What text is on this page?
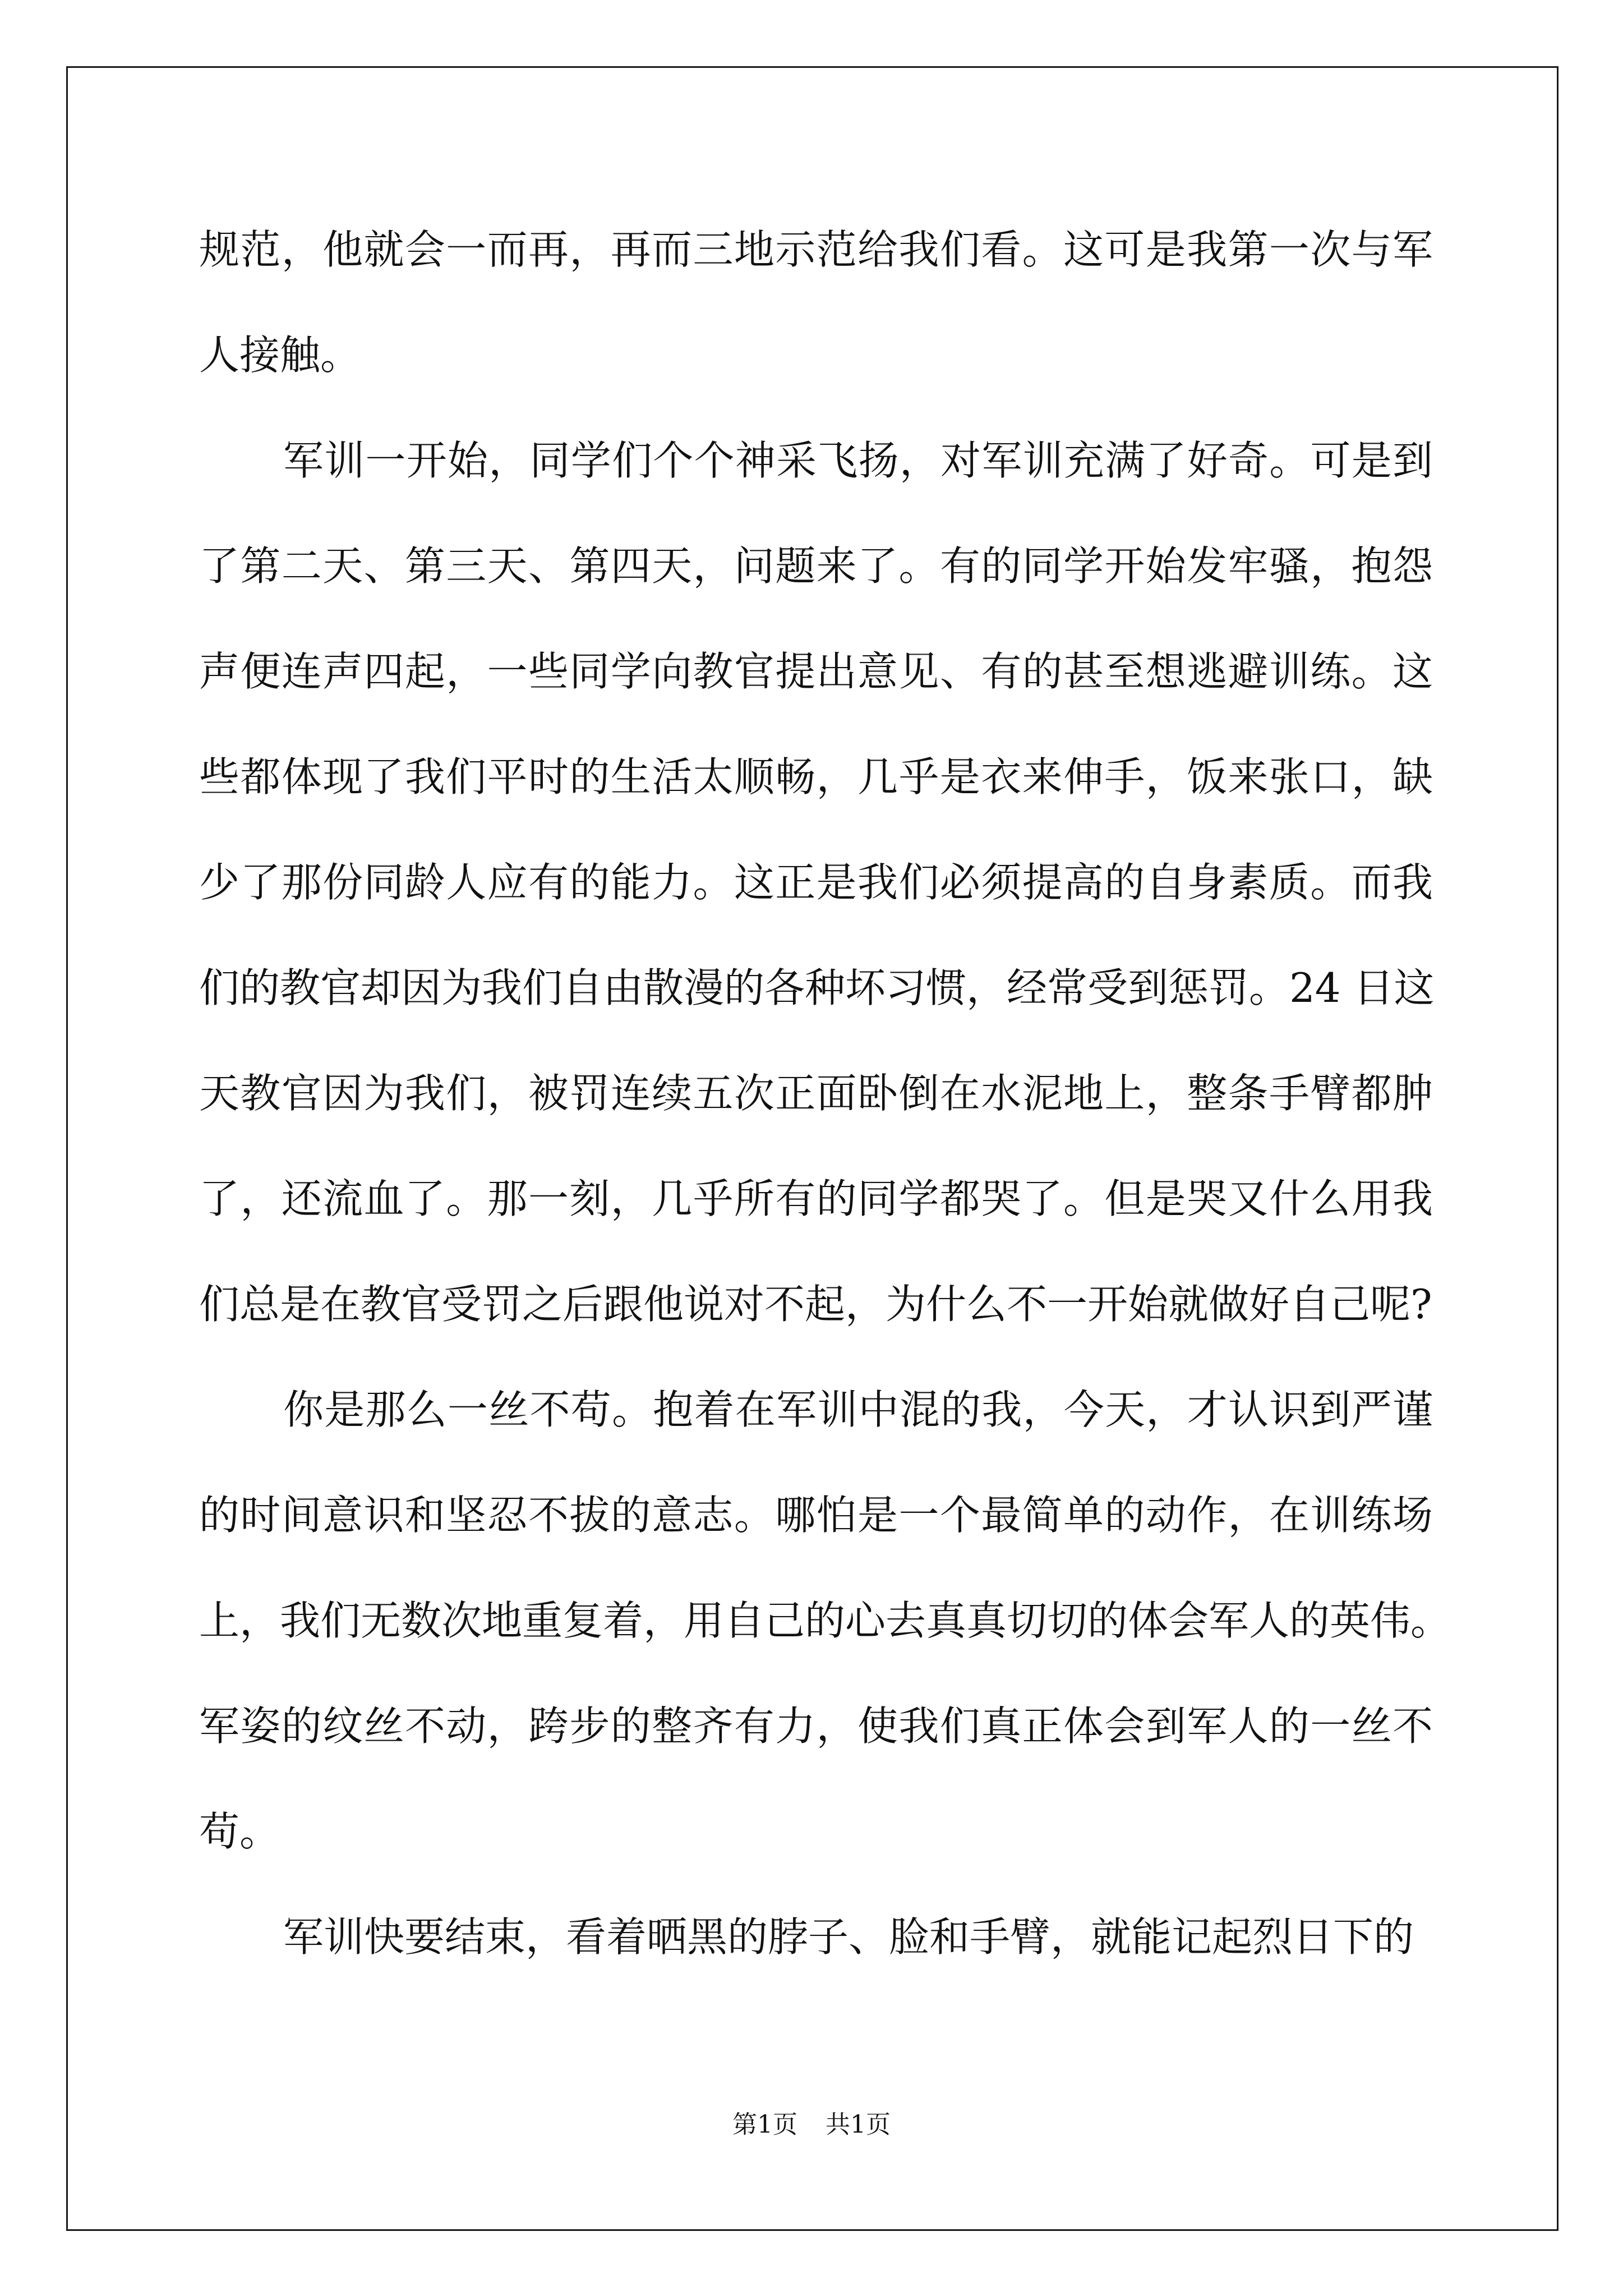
规范，他就会一而再，再而三地示范给我们看。这可是我第一次与军
人接触。
军训一开始，同学们个个神采飞扬，对军训充满了好奇。可是到
了第二天、第三天、第四天，问题来了。有的同学开始发牢骚，抱怨
声便连声四起，一些同学向教官提出意见、有的甚至想逃避训练。这
些都体现了我们平时的生活太顺畅，几乎是衣来伸手，饭来张口，缺
少了那份同龄人应有的能力。这正是我们必须提高的自身素质。而我
们的教官却因为我们自由散漫的各种坏习惯，经常受到惩罚。24 日这
天教官因为我们，被罚连续五次正面卧倒在水泥地上，整条手臂都肿
了，还流血了。那一刻，几乎所有的同学都哭了。但是哭又什么用我
们总是在教官受罚之后跟他说对不起，为什么不一开始就做好自己呢?
你是那么一丝不苟。抱着在军训中混的我，今天，才认识到严谨
的时间意识和坚忍不拔的意志。哪怕是一个最简单的动作，在训练场
上，我们无数次地重复着，用自己的心去真真切切的体会军人的英伟。
军姿的纹丝不动，跨步的整齐有力，使我们真正体会到军人的一丝不
苟。
军训快要结束，看着晒黑的脖子、脸和手臂，就能记起烈日下的
第1页 共1页
